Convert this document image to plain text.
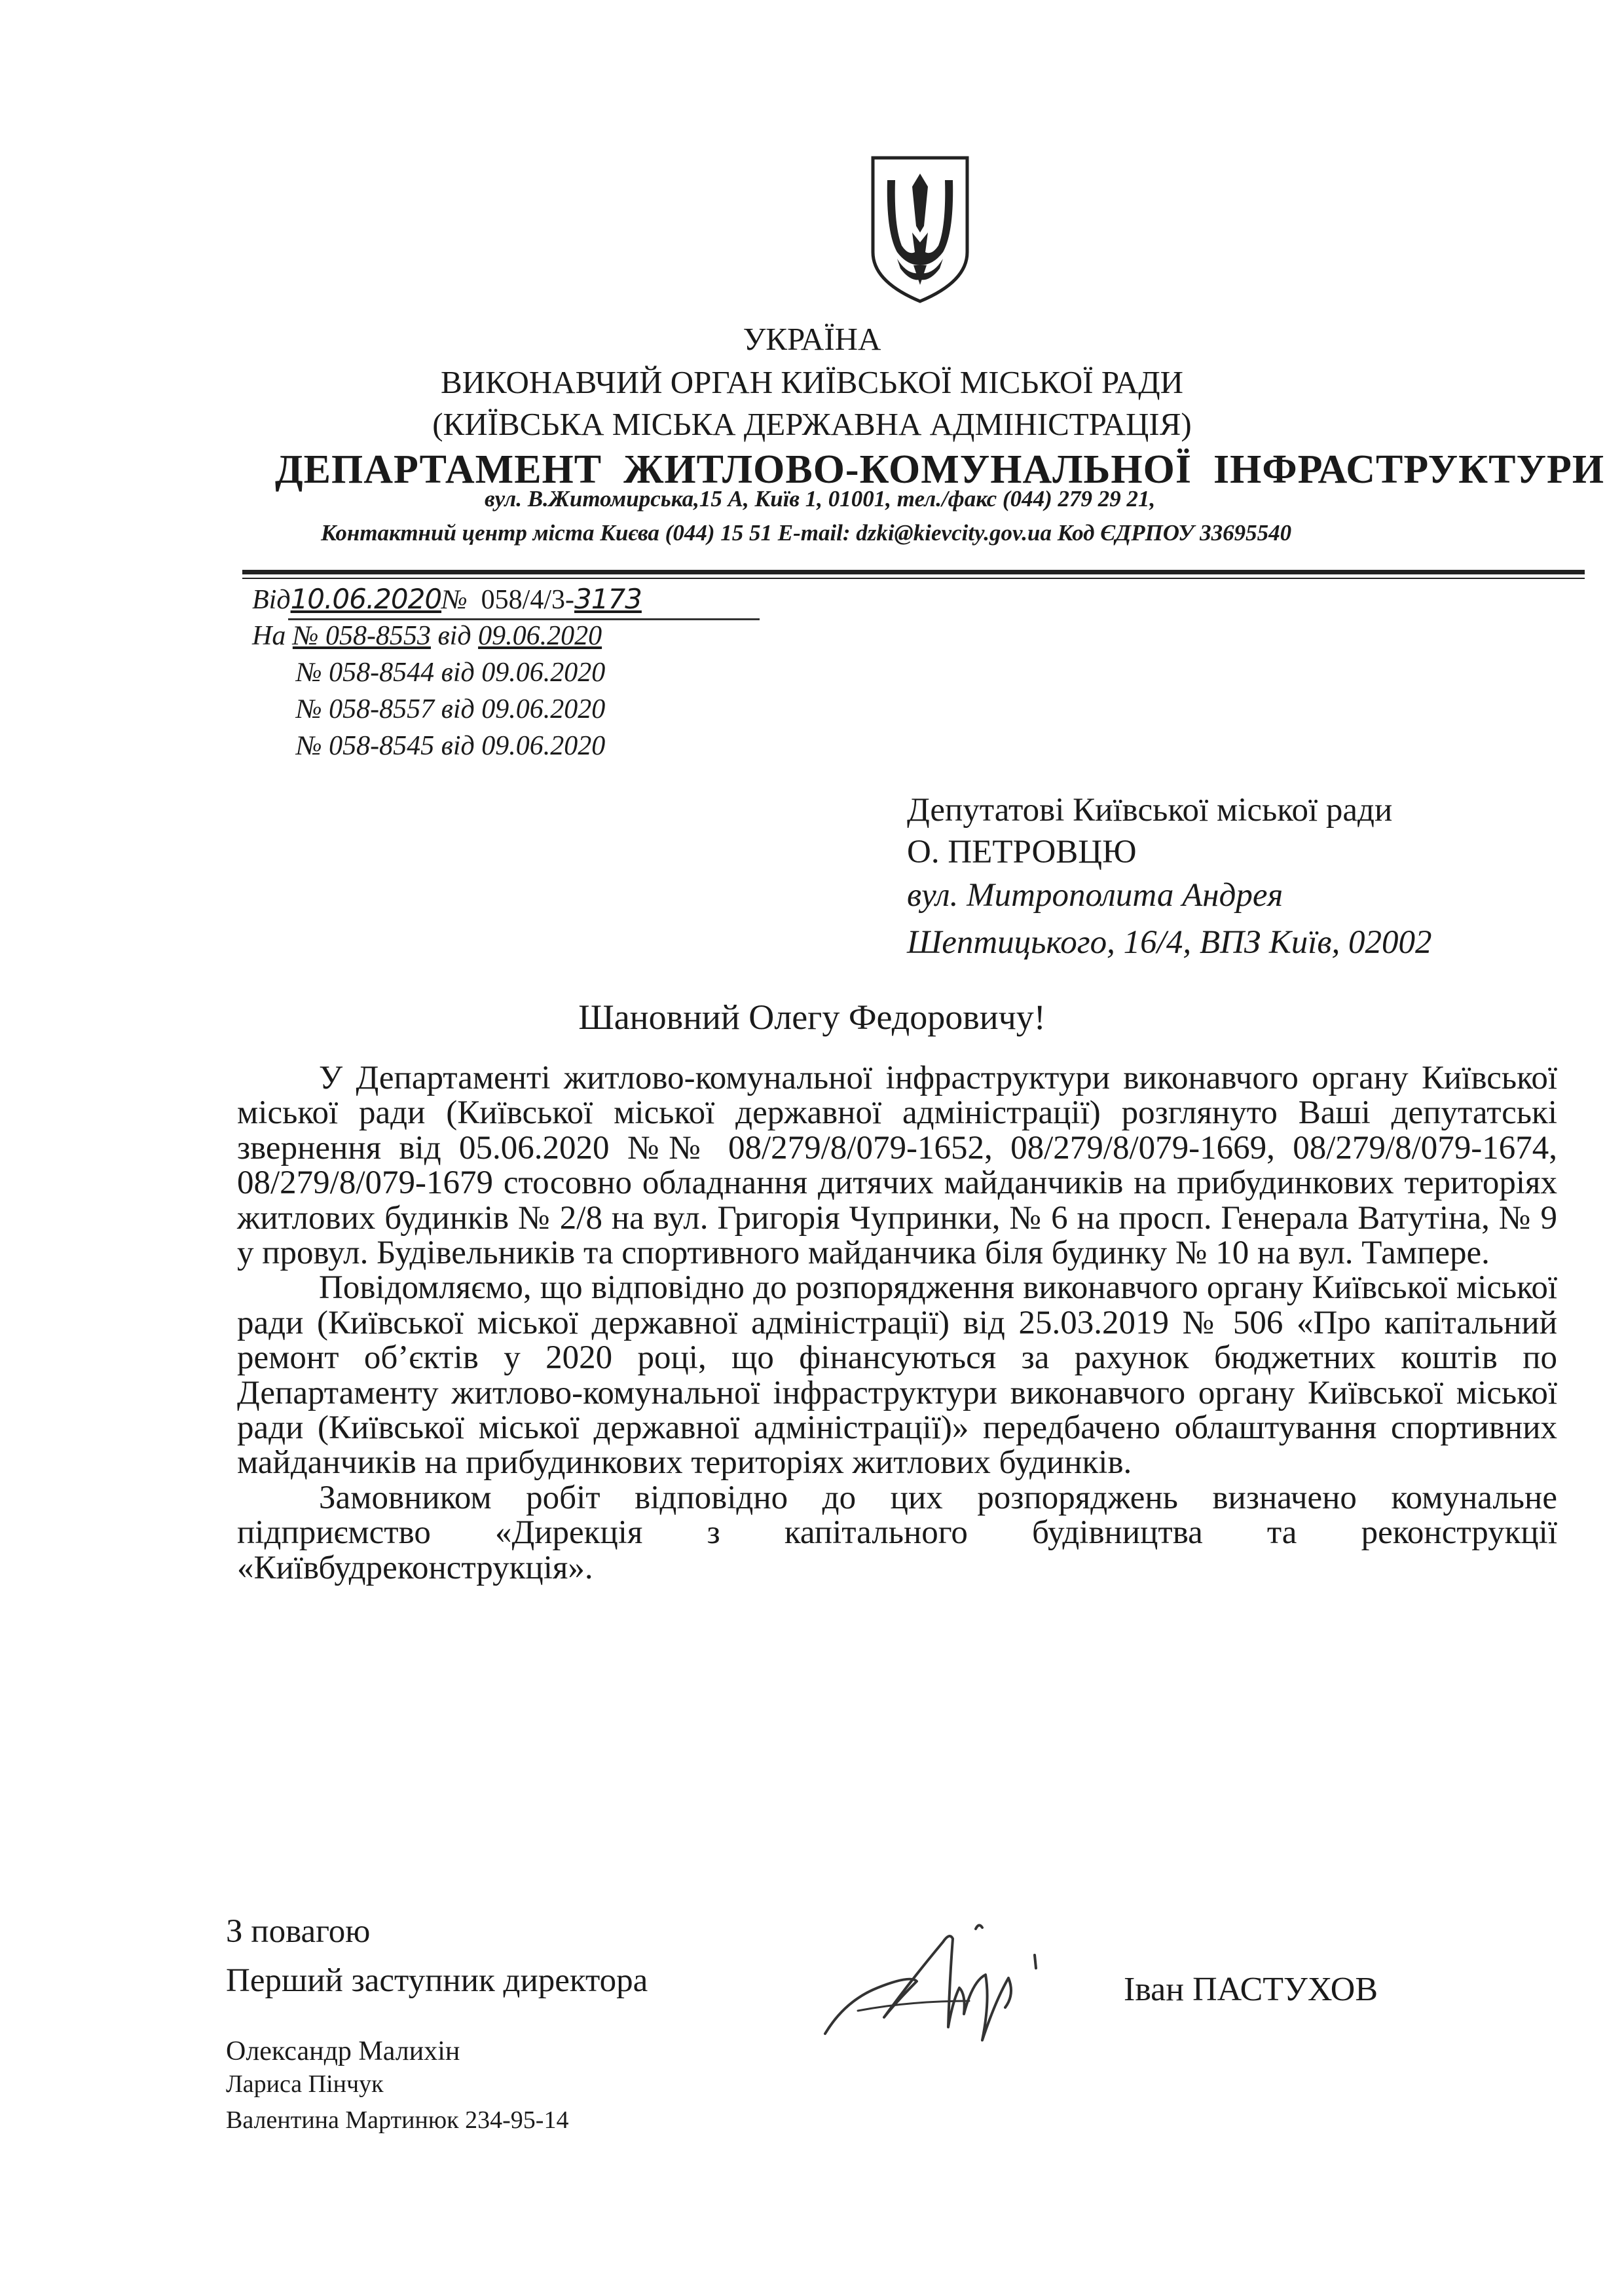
УКРАЇНА
ВИКОНАВЧИЙ ОРГАН КИЇВСЬКОЇ МІСЬКОЇ РАДИ
(КИЇВСЬКА МІСЬКА ДЕРЖАВНА АДМІНІСТРАЦІЯ)
ДЕПАРТАМЕНТ  ЖИТЛОВО-КОМУНАЛЬНОЇ  ІНФРАСТРУКТУРИ
вул. В.Житомирська,15 А, Київ 1, 01001, тел./факс (044) 279 29 21,
Контактний центр міста Києва (044) 15 51 E-mail: dzki@kievcity.gov.ua Код ЄДРПОУ 33695540
Від10.06.2020№ 058/4/3-3173
На № 058-8553 від 09.06.2020
№ 058-8544 від 09.06.2020
№ 058-8557 від 09.06.2020
№ 058-8545 від 09.06.2020
Депутатові Київської міської ради
О. ПЕТРОВЦЮ
вул. Митрополита Андрея
Шептицького, 16/4, ВПЗ Київ, 02002
Шановний Олегу Федоровичу!

У Департаменті житлово-комунальної інфраструктури виконавчого органу Київської міської ради (Київської міської державної адміністрації) розглянуто Ваші депутатські звернення від 05.06.2020 №№ 08/279/8/079-1652, 08/279/8/079-1669, 08/279/8/079-1674, 08/279/8/079-1679 стосовно обладнання дитячих майданчиків на прибудинкових територіях житлових будинків № 2/8 на вул. Григорія Чупринки, № 6 на просп. Генерала Ватутіна, № 9 у провул. Будівельників та спортивного майданчика біля будинку № 10 на вул. Тампере.

Повідомляємо, що відповідно до розпорядження виконавчого органу Київської міської ради (Київської міської державної адміністрації) від 25.03.2019 № 506 «Про капітальний ремонт об’єктів у 2020 році, що фінансуються за рахунок бюджетних коштів по Департаменту житлово-комунальної інфраструктури виконавчого органу Київської міської ради (Київської міської державної адміністрації)» передбачено облаштування спортивних майданчиків на прибудинкових територіях житлових будинків.

Замовником робіт відповідно до цих розпоряджень визначено комунальне підприємство «Дирекція з капітального будівництва та реконструкції «Київбудреконструкція».

З повагою
Перший заступник директора	Іван ПАСТУХОВ
Олександр Малихін
Лариса Пінчук
Валентина Мартинюк 234-95-14
